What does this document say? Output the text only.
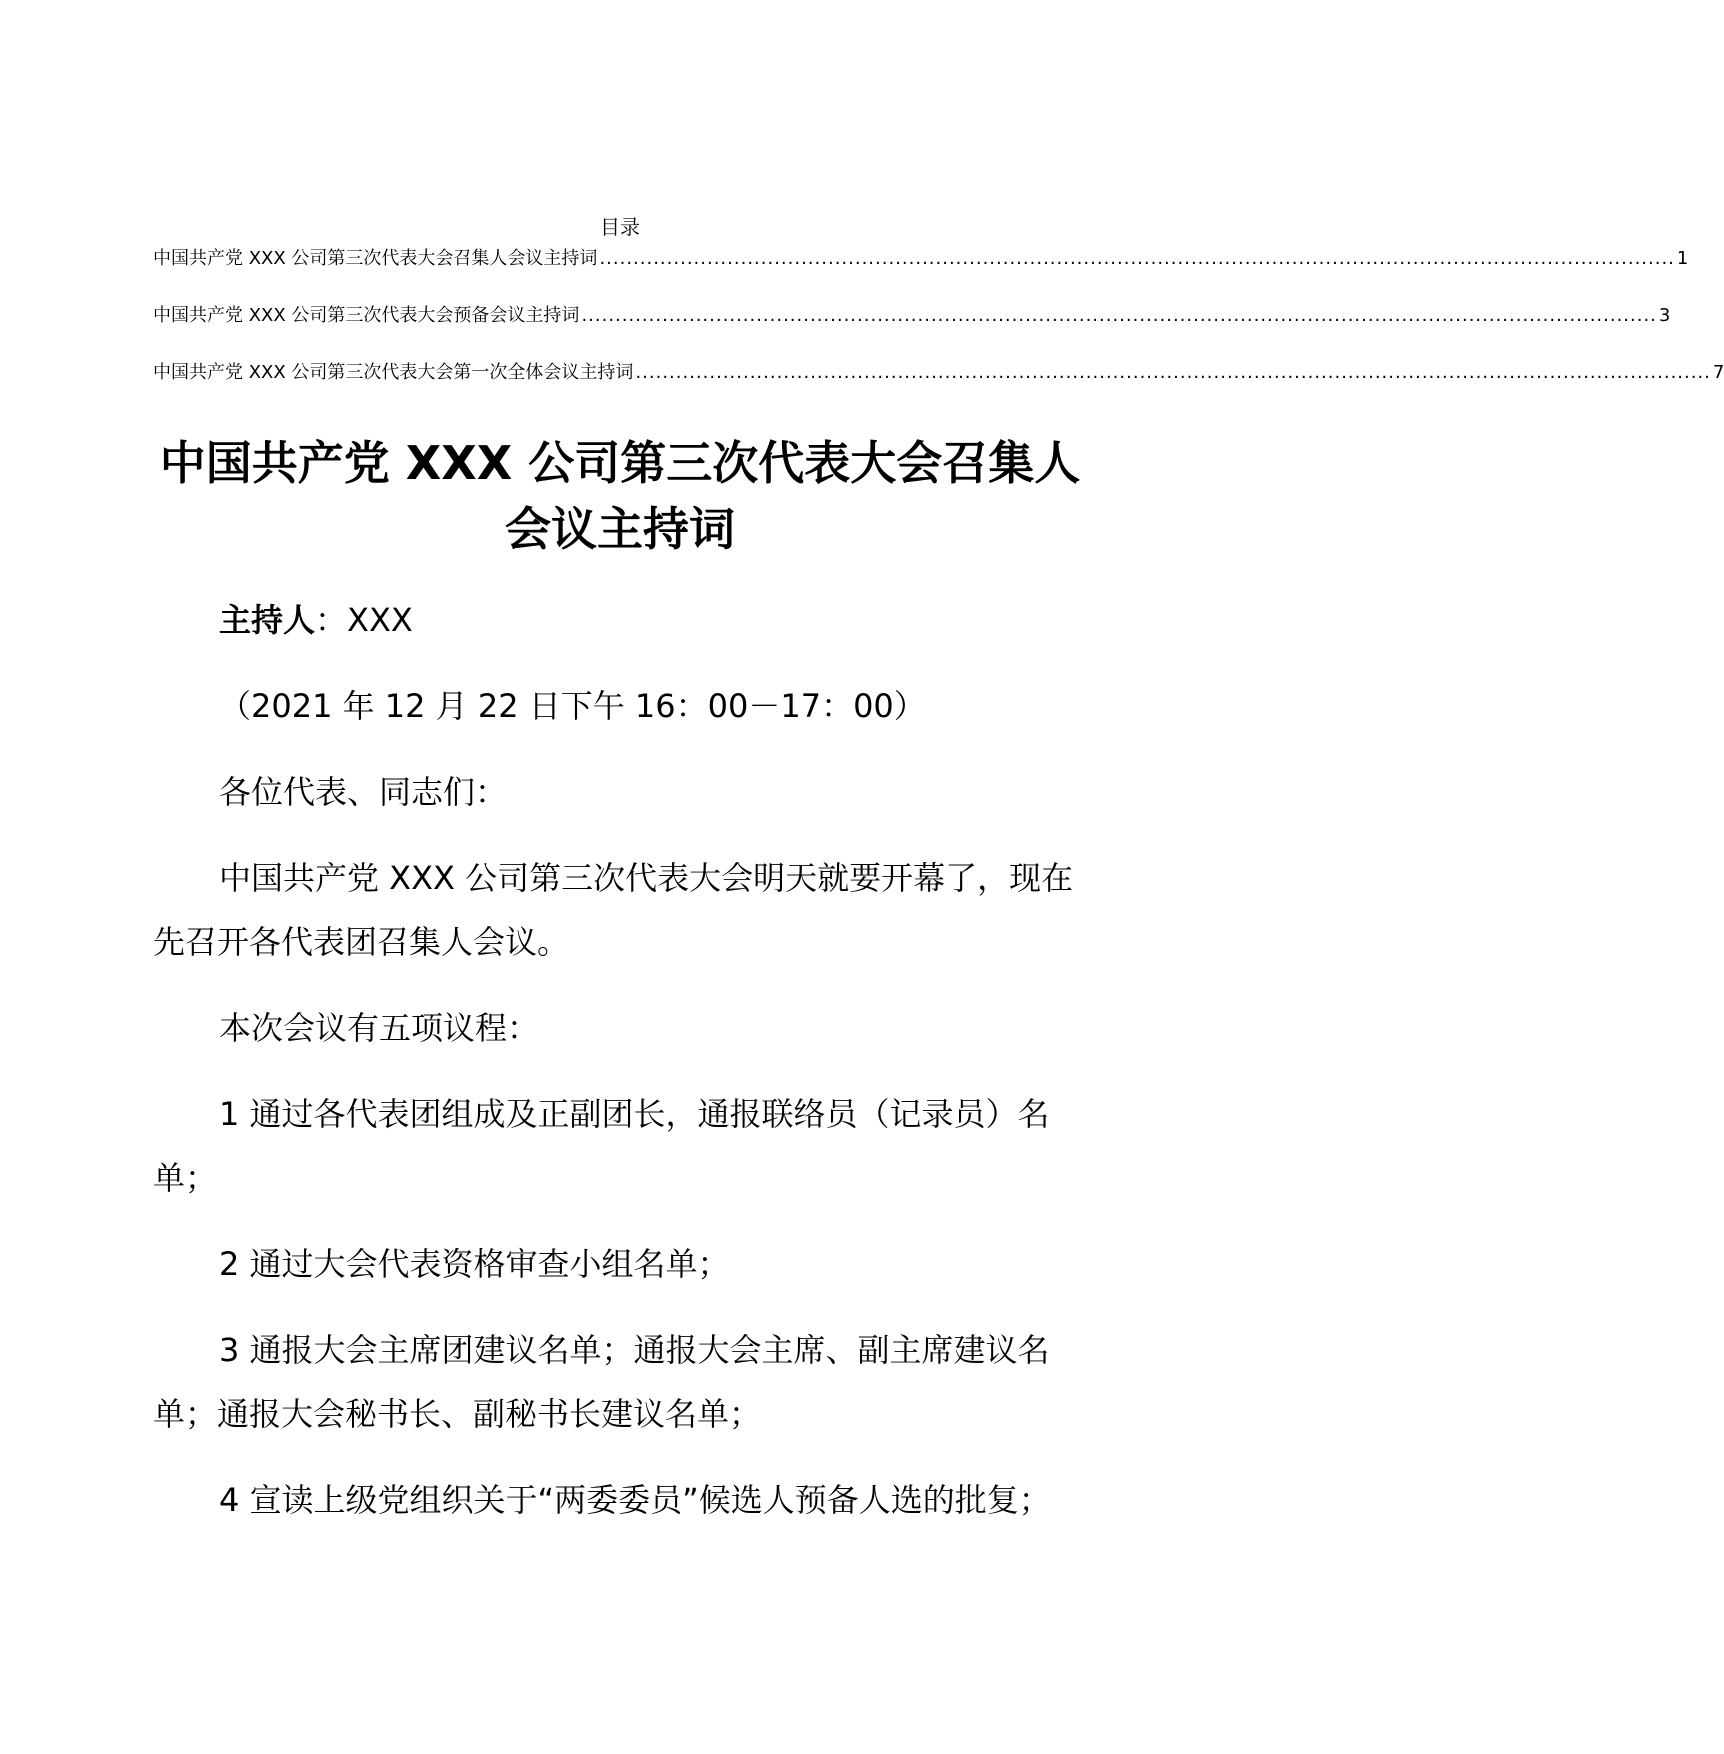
目录
中国共产党 XXX 公司第三次代表大会召集人会议主持词 ................................................................................................................................................................ 1
中国共产党 XXX 公司第三次代表大会预备会议主持词 ................................................................................................................................................................ 3
中国共产党 XXX 公司第三次代表大会第一次全体会议主持词 ................................................................................................................................................................ 7
中国共产党 XXX 公司第三次代表大会召集人
会议主持词

主持人：XXX

（2021 年 12 月 22 日下午 16：00－17：00）

各位代表、同志们：

中国共产党 XXX 公司第三次代表大会明天就要开幕了，现在先召开各代表团召集人会议。

本次会议有五项议程：

1 通过各代表团组成及正副团长，通报联络员（记录员）名单；

2 通过大会代表资格审查小组名单；

3 通报大会主席团建议名单；通报大会主席、副主席建议名单；通报大会秘书长、副秘书长建议名单；

4 宣读上级党组织关于“两委委员”候选人预备人选的批复；
